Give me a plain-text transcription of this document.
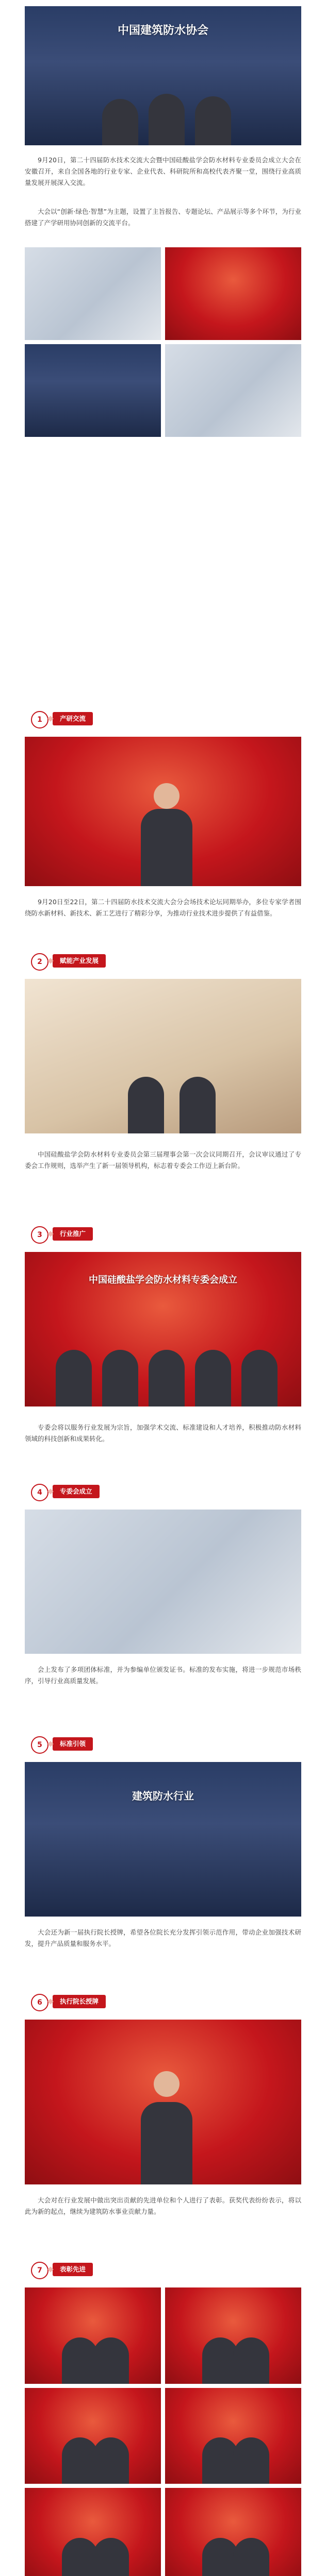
中国建筑防水协会

9月20日，第二十四届防水技术交流大会暨中国硅酸盐学会防水材料专业委员会成立大会在安徽召开，来自全国各地的行业专家、企业代表、科研院所和高校代表齐聚一堂，围绕行业高质量发展开展深入交流。

大会以“创新·绿色·智慧”为主题，设置了主旨报告、专题论坛、产品展示等多个环节，为行业搭建了产学研用协同创新的交流平台。

1	产研交流

9月20日至22日，第二十四届防水技术交流大会分会场技术论坛同期举办，多位专家学者围绕防水新材料、新技术、新工艺进行了精彩分享，为推动行业技术进步提供了有益借鉴。

2	赋能产业发展

中国硅酸盐学会防水材料专业委员会第三届理事会第一次会议同期召开，会议审议通过了专委会工作规则，选举产生了新一届领导机构，标志着专委会工作迈上新台阶。

3	行业推广
中国硅酸盐学会防水材料专委会成立

专委会将以服务行业发展为宗旨，加强学术交流、标准建设和人才培养，积极推动防水材料领域的科技创新和成果转化。

4	专委会成立

会上发布了多项团体标准，并为参编单位颁发证书。标准的发布实施，将进一步规范市场秩序，引导行业高质量发展。

5	标准引领
建筑防水行业

大会还为新一届执行院长授牌，希望各位院长充分发挥引领示范作用，带动企业加强技术研发，提升产品质量和服务水平。

6	执行院长授牌

大会对在行业发展中做出突出贡献的先进单位和个人进行了表彰。获奖代表纷纷表示，将以此为新的起点，继续为建筑防水事业贡献力量。

7	表彰先进
